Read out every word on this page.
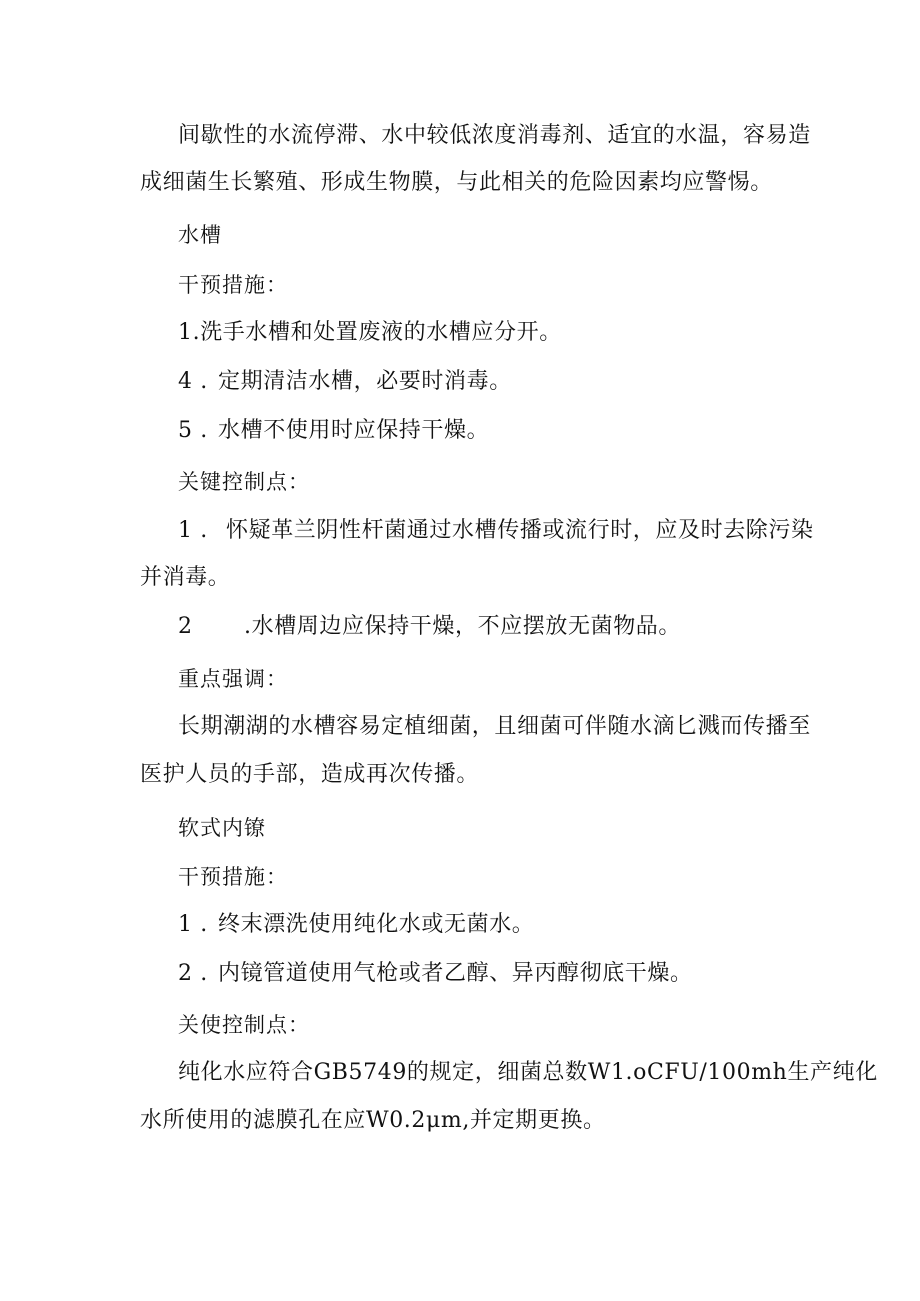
间歇性的水流停滞、水中较低浓度消毒剂、适宜的水温，容易造

成细菌生长繁殖、形成生物膜，与此相关的危险因素均应警惕。

水槽

干预措施：

1.洗手水槽和处置废液的水槽应分开。

4 . 定期清洁水槽，必要时消毒。

5 . 水槽不使用时应保持干燥。

关键控制点：

1 . 怀疑革兰阴性杆菌通过水槽传播或流行时，应及时去除污染

并消毒。

2 .水槽周边应保持干燥，不应摆放无菌物品。

重点强调：

长期潮湖的水槽容易定植细菌，且细菌可伴随水滴匕溅而传播至

医护人员的手部，造成再次传播。

软式内镣

干预措施：

1 . 终末漂洗使用纯化水或无菌水。

2 . 内镜管道使用气枪或者乙醇、异丙醇彻底干燥。

关使控制点：

纯化水应符合GB5749的规定，细菌总数W1.oCFU/100mh生产纯化

水所使用的滤膜孔在应W0.2μm,并定期更换。
